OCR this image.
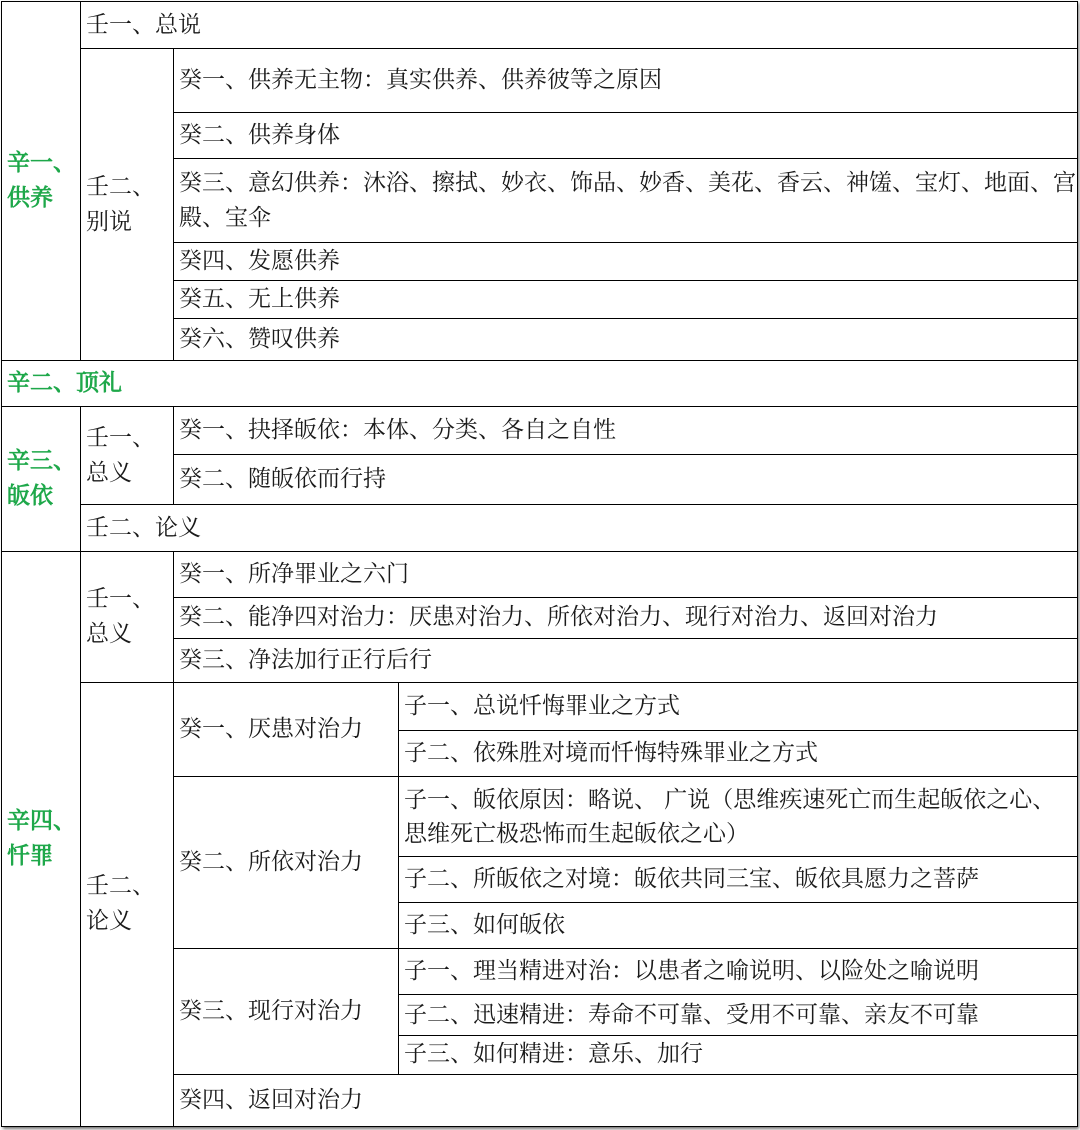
辛一、供养	壬一、总说		
	壬二、别说	癸一、供养无主物：真实供养、供养彼等之原因	
		癸二、供养身体	
		癸三、意幻供养：沐浴、擦拭、妙衣、饰品、妙香、美花、香云、神馐、宝灯、地面、宫殿、宝伞	
		癸四、发愿供养	
		癸五、无上供养	
		癸六、赞叹供养	
辛二、顶礼			
辛三、皈依	壬一、总义	癸一、抉择皈依：本体、分类、各自之自性	
		癸二、随皈依而行持	
	壬二、论义		
辛四、忏罪	壬一、总义	癸一、所净罪业之六门	
		癸二、能净四对治力：厌患对治力、所依对治力、现行对治力、返回对治力	
		癸三、净法加行正行后行	
	壬二、论义	癸一、厌患对治力	子一、总说忏悔罪业之方式
			子二、依殊胜对境而忏悔特殊罪业之方式
		癸二、所依对治力	子一、皈依原因：略说、 广说（思维疾速死亡而生起皈依之心、思维死亡极恐怖而生起皈依之心）
			子二、所皈依之对境：皈依共同三宝、皈依具愿力之菩萨
			子三、如何皈依
		癸三、现行对治力	子一、理当精进对治：以患者之喻说明、以险处之喻说明
			子二、迅速精进：寿命不可靠、受用不可靠、亲友不可靠
			子三、如何精进：意乐、加行
		癸四、返回对治力	
